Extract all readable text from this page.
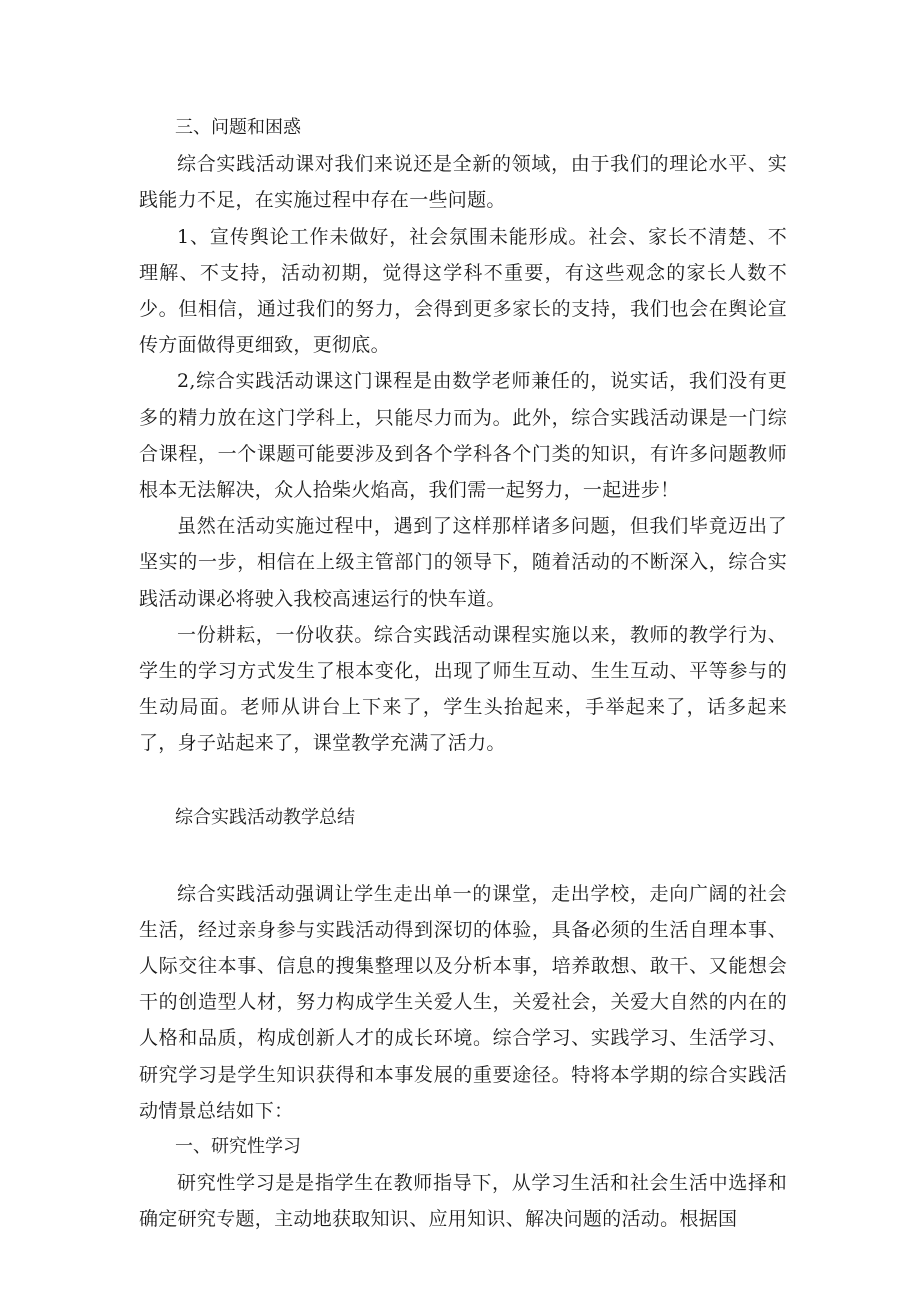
三、问题和困惑

综合实践活动课对我们来说还是全新的领域，由于我们的理论水平、实践能力不足，在实施过程中存在一些问题。

1、宣传舆论工作未做好，社会氛围未能形成。社会、家长不清楚、不理解、不支持，活动初期，觉得这学科不重要，有这些观念的家长人数不少。但相信，通过我们的努力，会得到更多家长的支持，我们也会在舆论宣传方面做得更细致，更彻底。

2,综合实践活动课这门课程是由数学老师兼任的，说实话，我们没有更多的精力放在这门学科上，只能尽力而为。此外，综合实践活动课是一门综合课程，一个课题可能要涉及到各个学科各个门类的知识，有许多问题教师根本无法解决，众人拾柴火焰高，我们需一起努力，一起进步！

虽然在活动实施过程中，遇到了这样那样诸多问题，但我们毕竟迈出了坚实的一步，相信在上级主管部门的领导下，随着活动的不断深入，综合实践活动课必将驶入我校高速运行的快车道。

一份耕耘，一份收获。综合实践活动课程实施以来，教师的教学行为、学生的学习方式发生了根本变化，出现了师生互动、生生互动、平等参与的生动局面。老师从讲台上下来了，学生头抬起来，手举起来了，话多起来了，身子站起来了，课堂教学充满了活力。

综合实践活动教学总结

综合实践活动强调让学生走出单一的课堂，走出学校，走向广阔的社会生活，经过亲身参与实践活动得到深切的体验，具备必须的生活自理本事、人际交往本事、信息的搜集整理以及分析本事，培养敢想、敢干、又能想会干的创造型人材，努力构成学生关爱人生，关爱社会，关爱大自然的内在的人格和品质，构成创新人才的成长环境。综合学习、实践学习、生活学习、研究学习是学生知识获得和本事发展的重要途径。特将本学期的综合实践活动情景总结如下：

一、研究性学习

研究性学习是是指学生在教师指导下，从学习生活和社会生活中选择和确定研究专题，主动地获取知识、应用知识、解决问题的活动。根据国
